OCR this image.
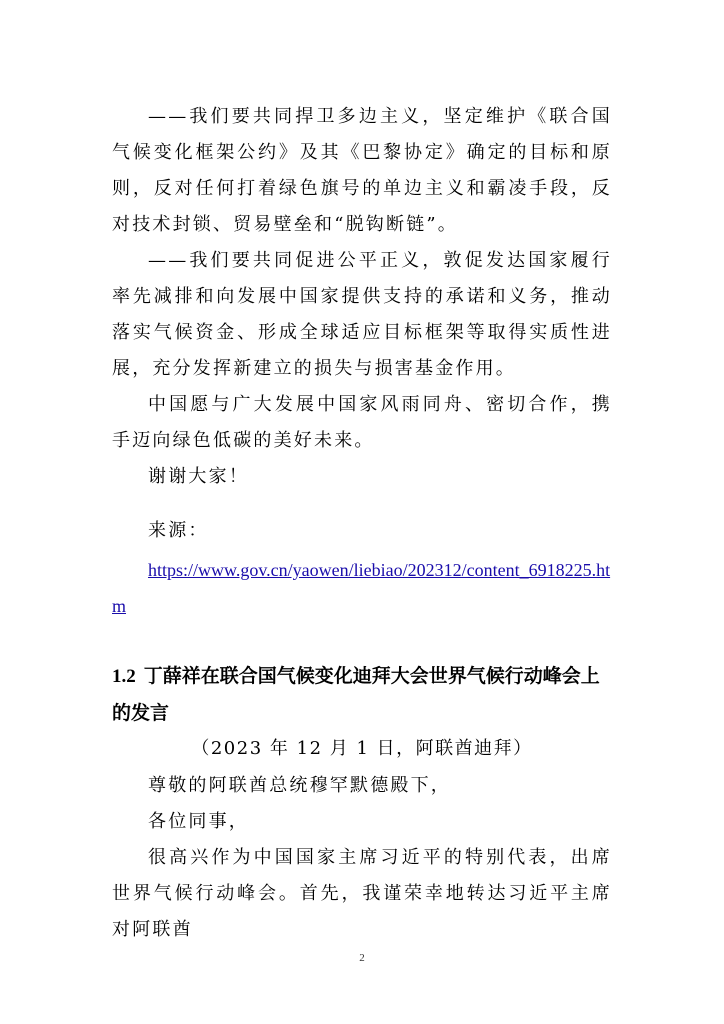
——我们要共同捍卫多边主义，坚定维护《联合国气候变化框架公约》及其《巴黎协定》确定的目标和原则，反对任何打着绿色旗号的单边主义和霸凌手段，反对技术封锁、贸易壁垒和“脱钩断链”。

——我们要共同促进公平正义，敦促发达国家履行率先减排和向发展中国家提供支持的承诺和义务，推动落实气候资金、形成全球适应目标框架等取得实质性进展，充分发挥新建立的损失与损害基金作用。

中国愿与广大发展中国家风雨同舟、密切合作，携手迈向绿色低碳的美好未来。

谢谢大家！

来源：

https://www.gov.cn/yaowen/liebiao/202312/content_6918225.htm

1.2 丁薛祥在联合国气候变化迪拜大会世界气候行动峰会上的发言

（2023 年 12 月 1 日，阿联酋迪拜）

尊敬的阿联酋总统穆罕默德殿下，

各位同事，

很高兴作为中国国家主席习近平的特别代表，出席世界气候行动峰会。首先，我谨荣幸地转达习近平主席对阿联酋

2
